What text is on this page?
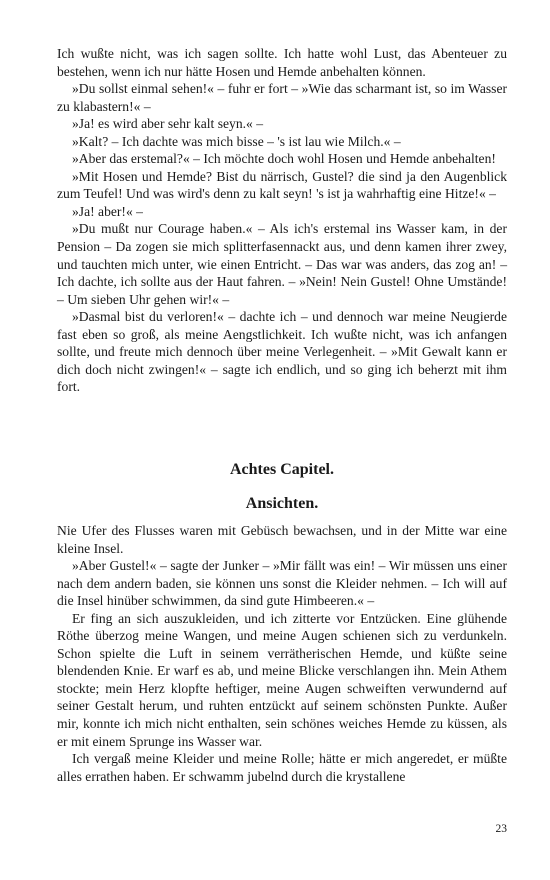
Ich wußte nicht, was ich sagen sollte. Ich hatte wohl Lust, das Abenteuer zu bestehen, wenn ich nur hätte Hosen und Hemde anbehalten können.

»Du sollst einmal sehen!« – fuhr er fort – »Wie das scharmant ist, so im Wasser zu klabastern!« –

»Ja! es wird aber sehr kalt seyn.« –

»Kalt? – Ich dachte was mich bisse – 's ist lau wie Milch.« –

»Aber das erstemal?« – Ich möchte doch wohl Hosen und Hemde anbehalten!

»Mit Hosen und Hemde? Bist du närrisch, Gustel? die sind ja den Augenblick zum Teufel! Und was wird's denn zu kalt seyn! 's ist ja wahrhaftig eine Hitze!« –

»Ja! aber!« –

»Du mußt nur Courage haben.« – Als ich's erstemal ins Wasser kam, in der Pension – Da zogen sie mich splitterfasennackt aus, und denn kamen ihrer zwey, und tauchten mich unter, wie einen Entricht. – Das war was anders, das zog an! – Ich dachte, ich sollte aus der Haut fahren. – »Nein! Nein Gustel! Ohne Umstände! – Um sieben Uhr gehen wir!« –

»Dasmal bist du verloren!« – dachte ich – und dennoch war meine Neugierde fast eben so groß, als meine Aengstlichkeit. Ich wußte nicht, was ich anfangen sollte, und freute mich dennoch über meine Verlegenheit. – »Mit Gewalt kann er dich doch nicht zwingen!« – sagte ich endlich, und so ging ich beherzt mit ihm fort.

Achtes Capitel.
Ansichten.

Nie Ufer des Flusses waren mit Gebüsch bewachsen, und in der Mitte war eine kleine Insel.

»Aber Gustel!« – sagte der Junker – »Mir fällt was ein! – Wir müssen uns einer nach dem andern baden, sie können uns sonst die Kleider nehmen. – Ich will auf die Insel hinüber schwimmen, da sind gute Himbeeren.« –

Er fing an sich auszukleiden, und ich zitterte vor Entzücken. Eine glühende Röthe überzog meine Wangen, und meine Augen schienen sich zu verdunkeln. Schon spielte die Luft in seinem verrätherischen Hemde, und küßte seine blendenden Knie. Er warf es ab, und meine Blicke verschlangen ihn. Mein Athem stockte; mein Herz klopfte heftiger, meine Augen schweiften verwundernd auf seiner Gestalt herum, und ruhten entzückt auf seinem schönsten Punkte. Außer mir, konnte ich mich nicht enthalten, sein schönes weiches Hemde zu küssen, als er mit einem Sprunge ins Wasser war.

Ich vergaß meine Kleider und meine Rolle; hätte er mich angeredet, er müßte alles errathen haben. Er schwamm jubelnd durch die krystallene

23
